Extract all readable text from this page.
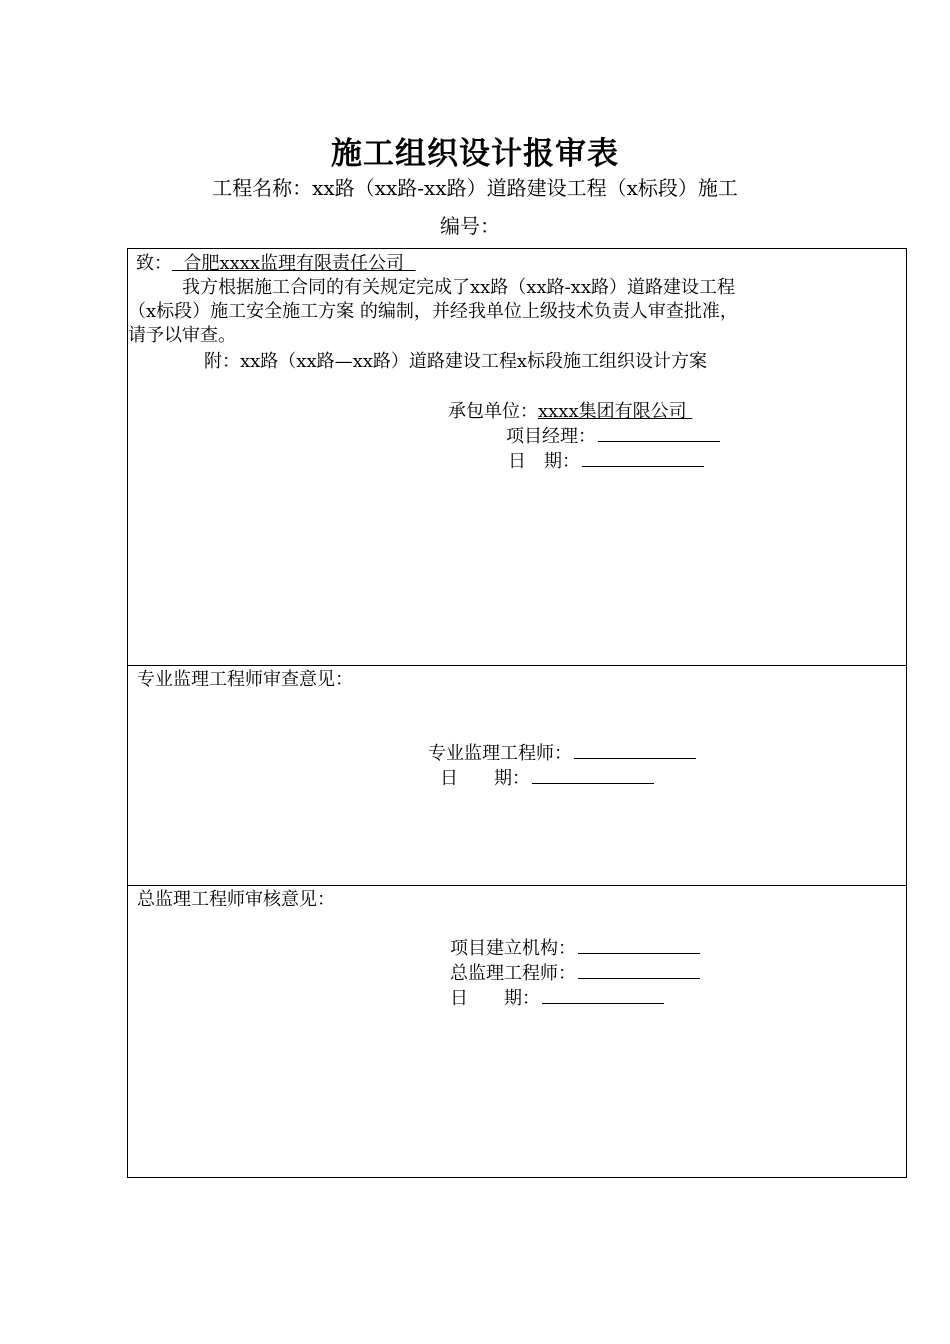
施工组织设计报审表
工程名称：xx路（xx路-xx路）道路建设工程（x标段）施工
编号：
致： 合肥xxxx监理有限责任公司
我方根据施工合同的有关规定完成了xx路（xx路-xx路）道路建设工程
（x标段）施工安全施工方案 的编制，并经我单位上级技术负责人审查批准，
请予以审查。
附：xx路（xx路—xx路）道路建设工程x标段施工组织设计方案
承包单位：xxxx集团有限公司
项目经理：
日　期：
专业监理工程师审查意见：
专业监理工程师：
日　　期：
总监理工程师审核意见：
项目建立机构：
总监理工程师：
日　　期：
